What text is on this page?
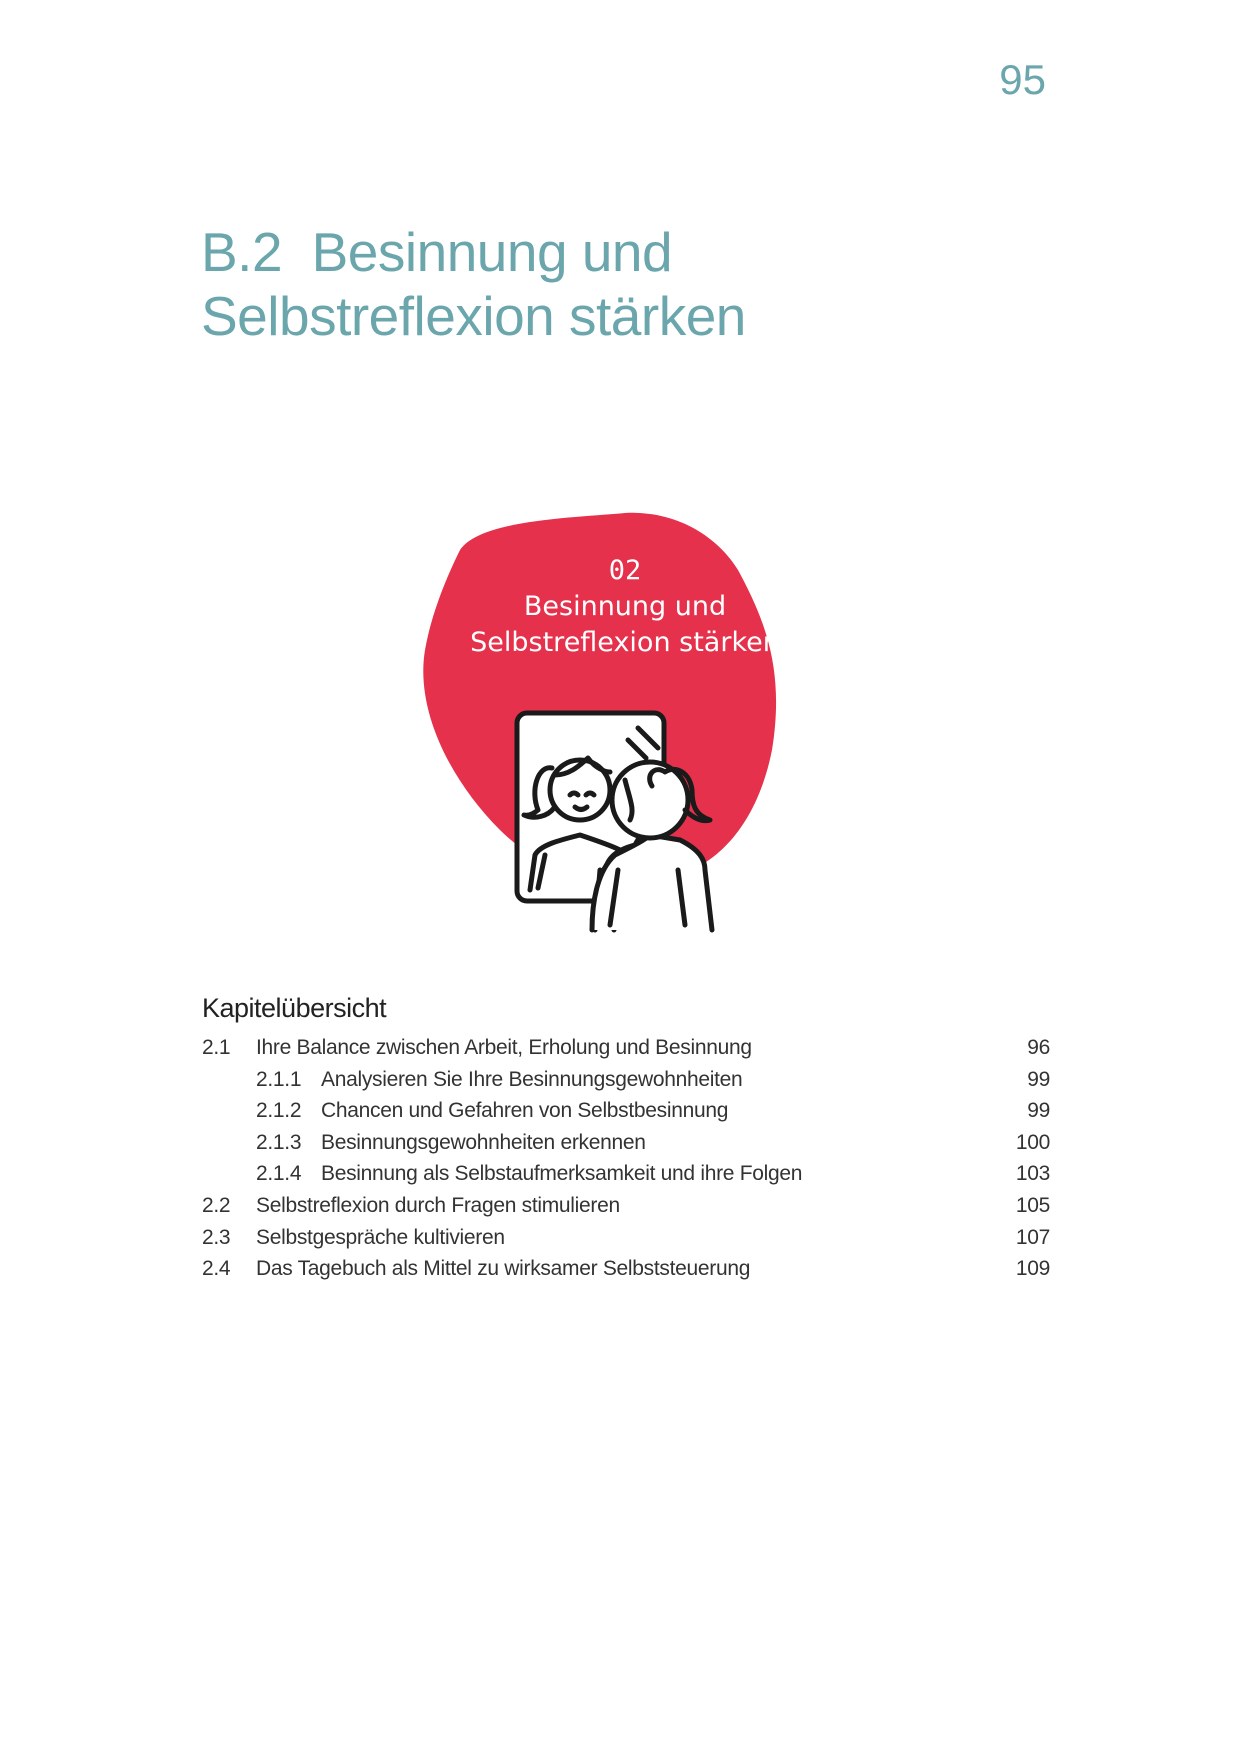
95
B.2  Besinnung und
Selbstreflexion stärken
02
Besinnung und
Selbstreflexion stärken
Kapitelübersicht
2.1 Ihre Balance zwischen Arbeit, Erholung und Besinnung	96
2.1.1 Analysieren Sie Ihre Besinnungsgewohnheiten	99
2.1.2 Chancen und Gefahren von Selbstbesinnung	99
2.1.3 Besinnungsgewohnheiten erkennen	100
2.1.4 Besinnung als Selbstaufmerksamkeit und ihre Folgen	103
2.2 Selbstreflexion durch Fragen stimulieren	105
2.3 Selbstgespräche kultivieren	107
2.4 Das Tagebuch als Mittel zu wirksamer Selbststeuerung	109
